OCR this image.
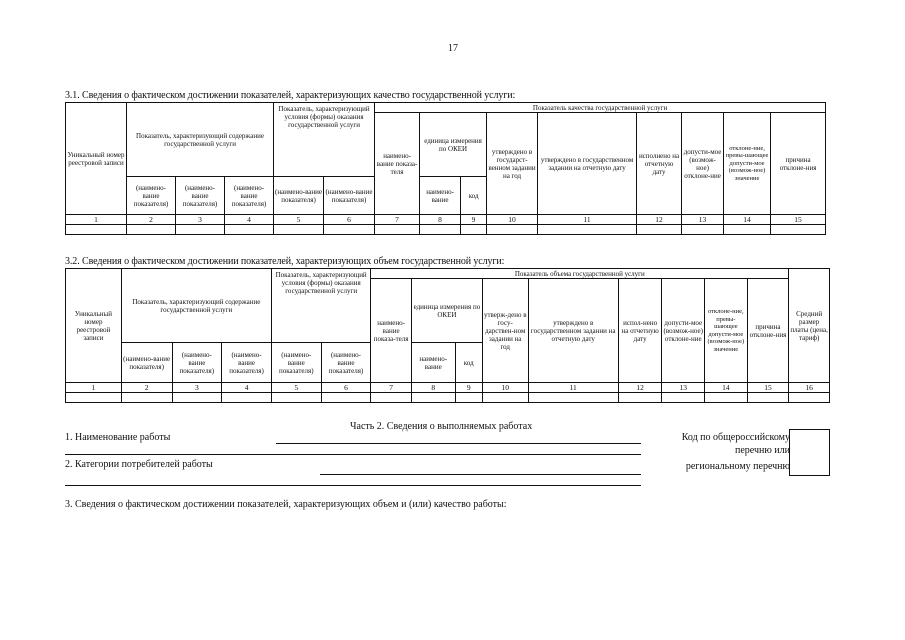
17
3.1. Сведения о фактическом достижении показателей, характеризующих качество государственной услуги:
Уникальный номер реестровой записи	Показатель, характеризующий содержание государственной услуги			Показатель, характеризующий условия (формы) оказания государственной услуги		Показатель качества государственной услуги								
						наимено-вание показа-теля	единица измерения по ОКЕИ		утверждено в государст-венном задании на год	утверждено в государственном задании на отчетную дату	исполнено на отчетную дату	допусти-мое (возмож-ное) отклоне-ние	отклоне-ние, превы-шающее допусти-мое (возмож-ное) значение	причина отклоне-ния
	(наимено-вание показателя)	(наимено-вание показателя)	(наимено-вание показателя)	(наимено-вание показателя)	(наимено-вание показателя)		наимено-вание	код						
1	2	3	4	5	6	7	8	9	10	11	12	13	14	15

3.2. Сведения о фактическом достижении показателей, характеризующих объем государственной услуги:
Уникальный номер реестровой записи	Показатель, характеризующий содержание государственной услуги			Показатель, характеризующий условия (формы) оказания государственной услуги		Показатель объема государственной услуги									Средний размер платы (цена, тариф)
						наимено-вание показа-теля	единица измерения по ОКЕИ		утверж-дено в госу-дарствен-ном задании на год	утверждено в государственном задании на отчетную дату	испол-нено на отчетную дату	допусти-мое (возмож-ное) отклоне-ние	отклоне-ние, превы-шающее допусти-мое (возмож-ное) значение	причина отклоне-ния	
	(наимено-вание показателя)	(наимено-вание показателя)	(наимено-вание показателя)	(наимено-вание показателя)	(наимено-вание показателя)		наимено-вание	код							
1	2	3	4	5	6	7	8	9	10	11	12	13	14	15	16

Часть 2. Сведения о выполняемых работах
1. Наименование работы
2. Категории потребителей работы
Код по общероссийскому
перечню или
региональному перечню
3. Сведения о фактическом достижении показателей, характеризующих объем и (или) качество работы:
